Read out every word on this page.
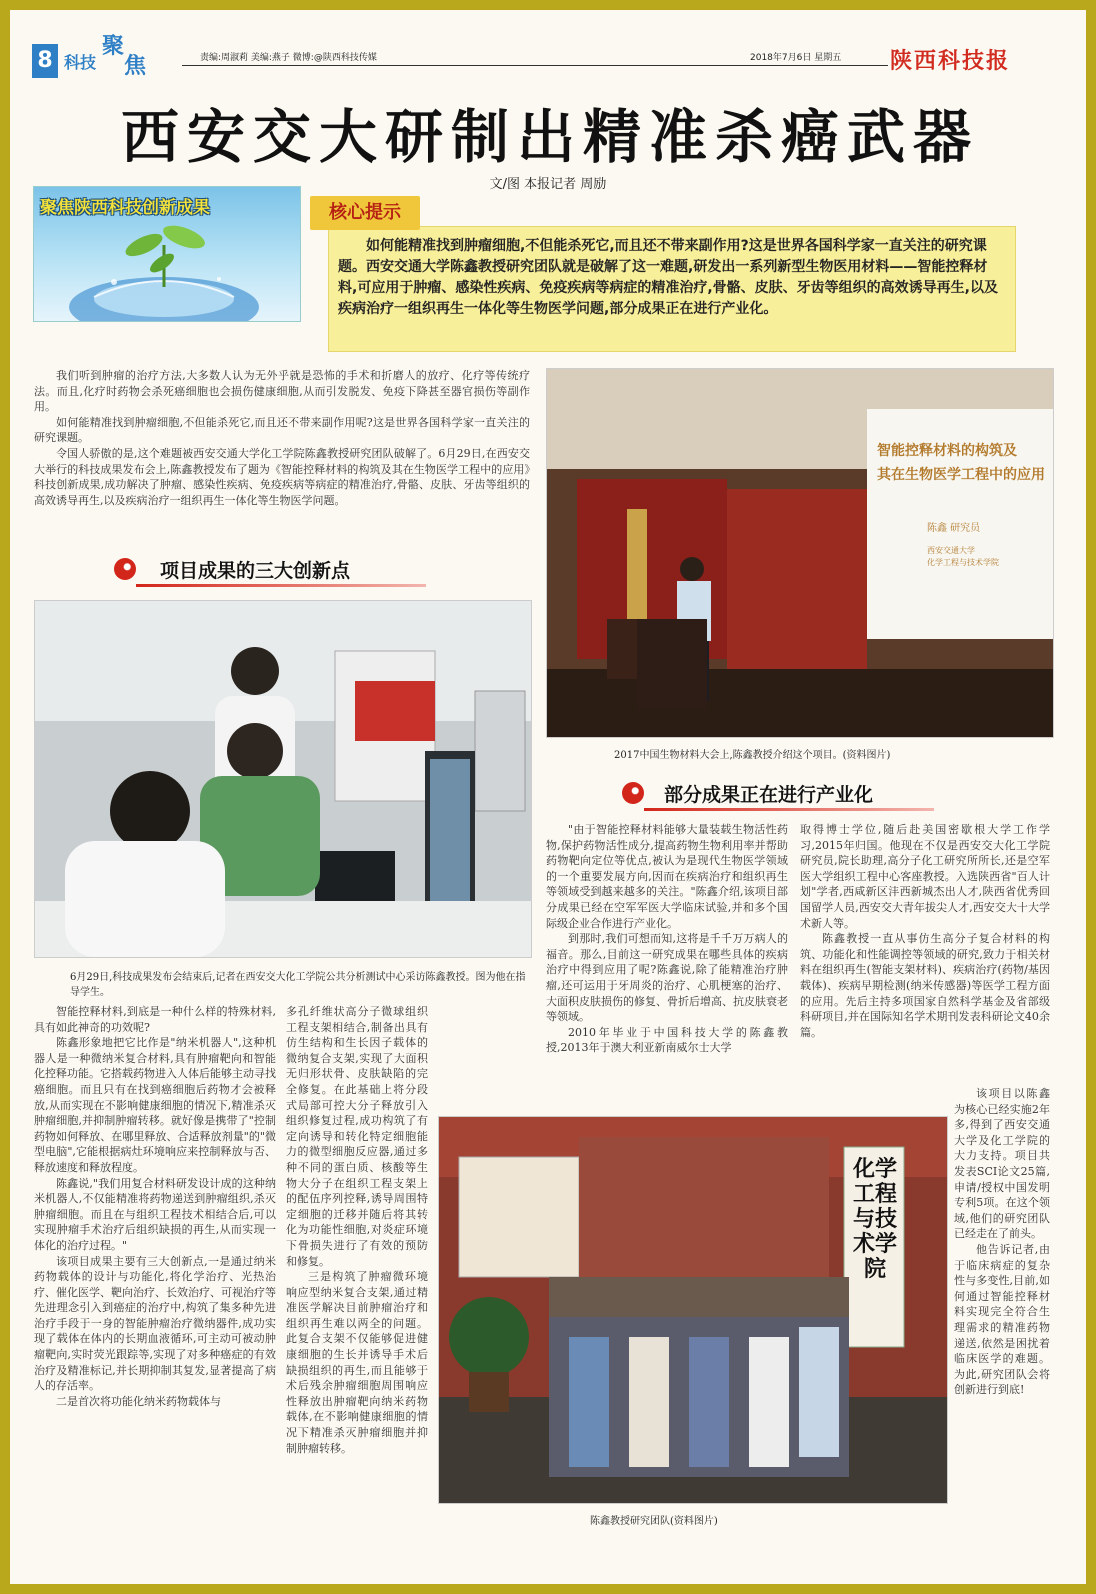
8 科技
聚
焦	责编:周淑莉 美编:燕子 微博:@陕西科技传媒	2018年7月6日 星期五 陕西科技报
西安交大研制出精准杀癌武器
文/图 本报记者 周励
聚焦陕西科技创新成果	核心提示
如何能精准找到肿瘤细胞,不但能杀死它,而且还不带来副作用?这是世界各国科学家一直关注的研究课题。西安交通大学陈鑫教授研究团队就是破解了这一难题,研发出一系列新型生物医用材料——智能控释材料,可应用于肿瘤、感染性疾病、免疫疾病等病症的精准治疗,骨骼、皮肤、牙齿等组织的高效诱导再生,以及疾病治疗一组织再生一体化等生物医学问题,部分成果正在进行产业化。

我们听到肿瘤的治疗方法,大多数人认为无外乎就是恐怖的手术和折磨人的放疗、化疗等传统疗法。而且,化疗时药物会杀死癌细胞也会损伤健康细胞,从而引发脱发、免疫下降甚至器官损伤等副作用。

如何能精准找到肿瘤细胞,不但能杀死它,而且还不带来副作用呢?这是世界各国科学家一直关注的研究课题。

令国人骄傲的是,这个难题被西安交通大学化工学院陈鑫教授研究团队破解了。6月29日,在西安交大举行的科技成果发布会上,陈鑫教授发布了题为《智能控释材料的构筑及其在生物医学工程中的应用》科技创新成果,成功解决了肿瘤、感染性疾病、免疫疾病等病症的精准治疗,骨骼、皮肤、牙齿等组织的高效诱导再生,以及疾病治疗一组织再生一体化等生物医学问题。

项目成果的三大创新点
6月29日,科技成果发布会结束后,记者在西安交大化工学院公共分析测试中心采访陈鑫教授。图为他在指导学生。
智能控释材料的构筑及
其在生物医学工程中的应用
陈鑫 研究员
西安交通大学
化学工程与技术学院
2017中国生物材料大会上,陈鑫教授介绍这个项目。(资料图片)
部分成果正在进行产业化

"由于智能控释材料能够大量装载生物活性药物,保护药物活性成分,提高药物生物利用率并帮助药物靶向定位等优点,被认为是现代生物医学领域的一个重要发展方向,因而在疾病治疗和组织再生等领域受到越来越多的关注。"陈鑫介绍,该项目部分成果已经在空军军医大学临床试验,并和多个国际级企业合作进行产业化。

到那时,我们可想而知,这将是千千万万病人的福音。那么,目前这一研究成果在哪些具体的疾病治疗中得到应用了呢?陈鑫说,除了能精准治疗肿瘤,还可运用于牙周炎的治疗、心肌梗塞的治疗、大面积皮肤损伤的修复、骨折后增高、抗皮肤衰老等领域。

2010年毕业于中国科技大学的陈鑫教授,2013年于澳大利亚新南威尔士大学

取得博士学位,随后赴美国密歇根大学工作学习,2015年归国。他现在不仅是西安交大化工学院研究员,院长助理,高分子化工研究所所长,还是空军医大学组织工程中心客座教授。入选陕西省"百人计划"学者,西咸新区沣西新城杰出人才,陕西省优秀回国留学人员,西安交大青年拔尖人才,西安交大十大学术新人等。

陈鑫教授一直从事仿生高分子复合材料的构筑、功能化和性能调控等领域的研究,致力于相关材料在组织再生(智能支架材料)、疾病治疗(药物/基因载体)、疾病早期检测(纳米传感器)等医学工程方面的应用。先后主持多项国家自然科学基金及省部级科研项目,并在国际知名学术期刊发表科研论文40余篇。

该项目以陈鑫为核心已经实施2年多,得到了西安交通大学及化工学院的大力支持。项目共发表SCI论文25篇,申请/授权中国发明专利5项。在这个领域,他们的研究团队已经走在了前头。

他告诉记者,由于临床病症的复杂性与多变性,目前,如何通过智能控释材料实现完全符合生理需求的精准药物递送,依然是困扰着临床医学的难题。为此,研究团队会将创新进行到底!

智能控释材料,到底是一种什么样的特殊材料,具有如此神奇的功效呢?

陈鑫形象地把它比作是"纳米机器人",这种机器人是一种微纳米复合材料,具有肿瘤靶向和智能化控释功能。它搭载药物进入人体后能够主动寻找癌细胞。而且只有在找到癌细胞后药物才会被释放,从而实现在不影响健康细胞的情况下,精准杀灭肿瘤细胞,并抑制肿瘤转移。就好像是携带了"控制药物如何释放、在哪里释放、合适释放剂量"的"微型电脑",它能根据病灶环境响应来控制释放与否、释放速度和释放程度。

陈鑫说,"我们用复合材料研发设计成的这种纳米机器人,不仅能精准将药物递送到肿瘤组织,杀灭肿瘤细胞。而且在与组织工程技术相结合后,可以实现肿瘤手术治疗后组织缺损的再生,从而实现一体化的治疗过程。"

该项目成果主要有三大创新点,一是通过纳米药物载体的设计与功能化,将化学治疗、光热治疗、催化医学、靶向治疗、长效治疗、可视治疗等先进理念引入到癌症的治疗中,构筑了集多种先进治疗手段于一身的智能肿瘤治疗微纳器件,成功实现了载体在体内的长期血液循环,可主动可被动肿瘤靶向,实时荧光跟踪等,实现了对多种癌症的有效治疗及精准标记,并长期抑制其复发,显著提高了病人的存活率。

二是首次将功能化纳米药物载体与

多孔纤维状高分子微球组织工程支架相结合,制备出具有仿生结构和生长因子载体的微纳复合支架,实现了大面积无归形状骨、皮肤缺陷的完全修复。在此基础上将分段式局部可控大分子释放引入组织修复过程,成功构筑了有定向诱导和转化特定细胞能力的微型细胞反应器,通过多种不同的蛋白质、核酸等生物大分子在组织工程支架上的配伍序列控释,诱导周围特定细胞的迁移并随后将其转化为功能性细胞,对炎症环境下骨损失进行了有效的预防和修复。

三是构筑了肿瘤微环境响应型纳米复合支架,通过精准医学解决目前肿瘤治疗和组织再生难以两全的问题。此复合支架不仅能够促进健康细胞的生长并诱导手术后缺损组织的再生,而且能够于术后残余肿瘤细胞周围响应性释放出肿瘤靶向纳米药物载体,在不影响健康细胞的情况下精准杀灭肿瘤细胞并抑制肿瘤转移。

化学工程与技术学院
陈鑫教授研究团队(资料图片)
